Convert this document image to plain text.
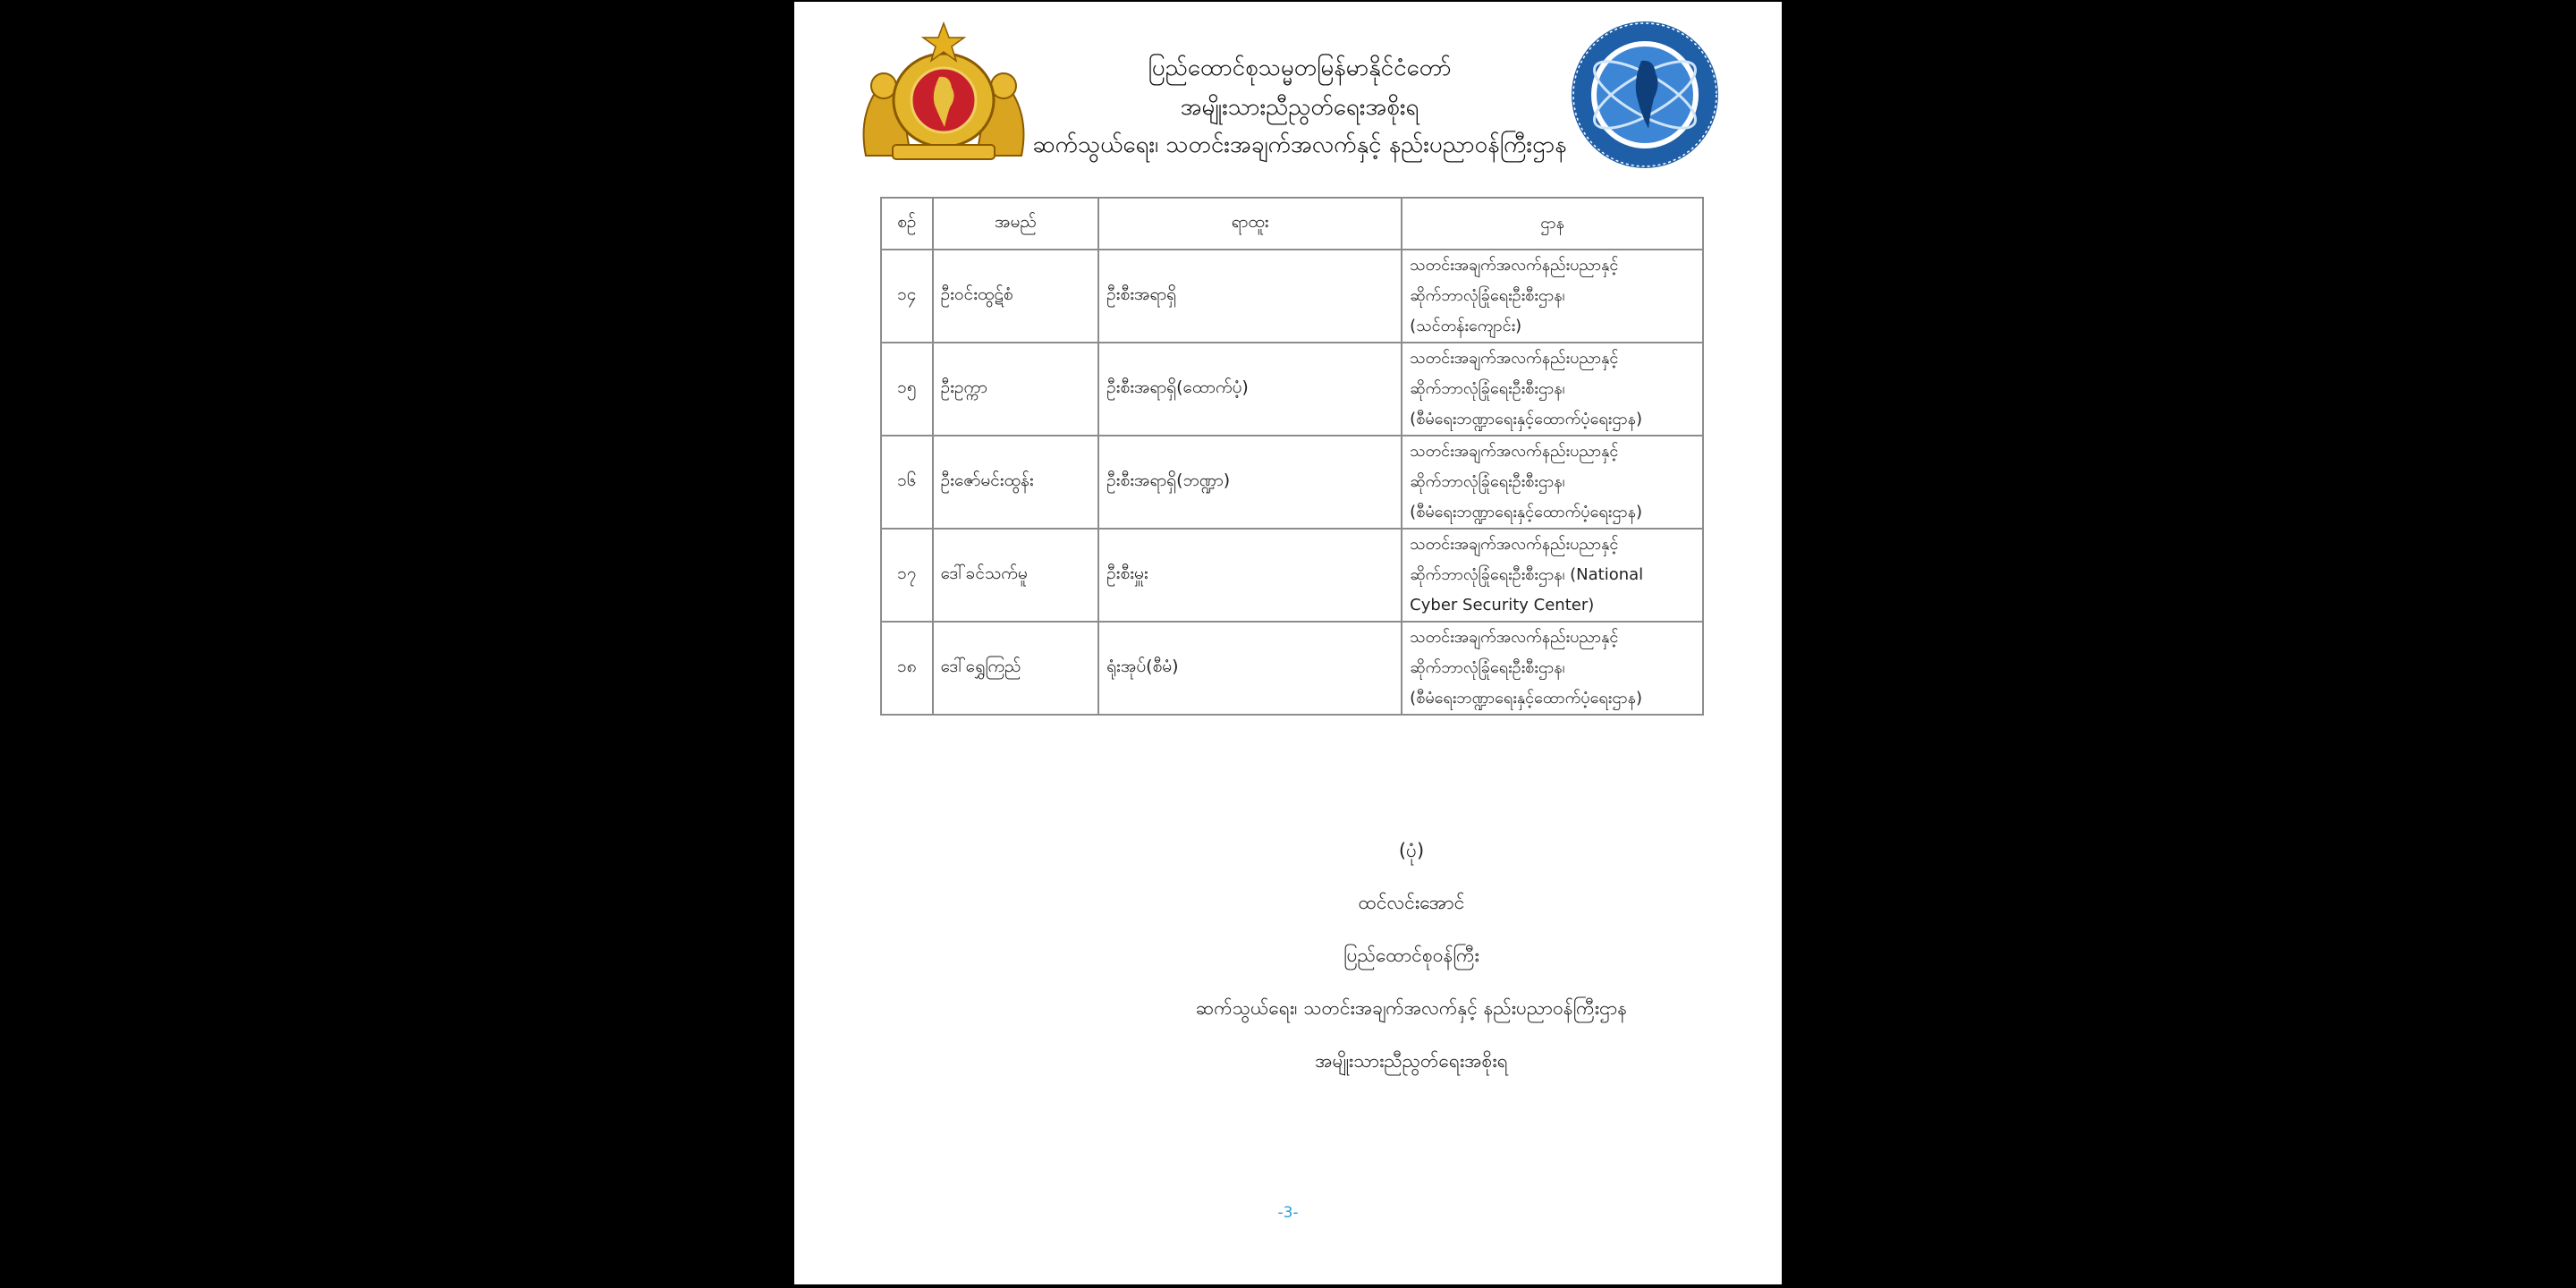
ပြည်ထောင်စုသမ္မတမြန်မာနိုင်ငံတော်
အမျိုးသားညီညွတ်ရေးအစိုးရ
ဆက်သွယ်ရေး၊ သတင်းအချက်အလက်နှင့် နည်းပညာဝန်ကြီးဌာန
စဥ်	အမည်	ရာထူး	ဌာန
၁၄	ဦးဝင်းထွဋ်စံ	ဦးစီးအရာရှိ	သတင်းအချက်အလက်နည်းပညာနှင့်
ဆိုက်ဘာလုံခြုံရေးဦးစီးဌာန၊
(သင်တန်းကျောင်း)

၁၅	ဦးဥက္ကာ	ဦးစီးအရာရှိ(ထောက်ပံ့)	သတင်းအချက်အလက်နည်းပညာနှင့်
ဆိုက်ဘာလုံခြုံရေးဦးစီးဌာန၊
(စီမံရေးဘဏ္ဍာရေးနှင့်ထောက်ပံ့ရေးဌာန)

၁၆	ဦးဇော်မင်းထွန်း	ဦးစီးအရာရှိ(ဘဏ္ဍာ)	သတင်းအချက်အလက်နည်းပညာနှင့်
ဆိုက်ဘာလုံခြုံရေးဦးစီးဌာန၊
(စီမံရေးဘဏ္ဍာရေးနှင့်ထောက်ပံ့ရေးဌာန)

၁၇	ဒေါ်ခင်သက်မူ	ဦးစီးမှူး	သတင်းအချက်အလက်နည်းပညာနှင့်
ဆိုက်ဘာလုံခြုံရေးဦးစီးဌာန၊ (National
Cyber Security Center)

၁၈	ဒေါ်ရွှေကြည်	ရုံးအုပ်(စီမံ)	သတင်းအချက်အလက်နည်းပညာနှင့်
ဆိုက်ဘာလုံခြုံရေးဦးစီးဌာန၊
(စီမံရေးဘဏ္ဍာရေးနှင့်ထောက်ပံ့ရေးဌာန)
(ပုံ)
ထင်လင်းအောင်
ပြည်ထောင်စုဝန်ကြီး
ဆက်သွယ်ရေး၊ သတင်းအချက်အလက်နှင့် နည်းပညာဝန်ကြီးဌာန
အမျိုးသားညီညွတ်ရေးအစိုးရ
-3-
